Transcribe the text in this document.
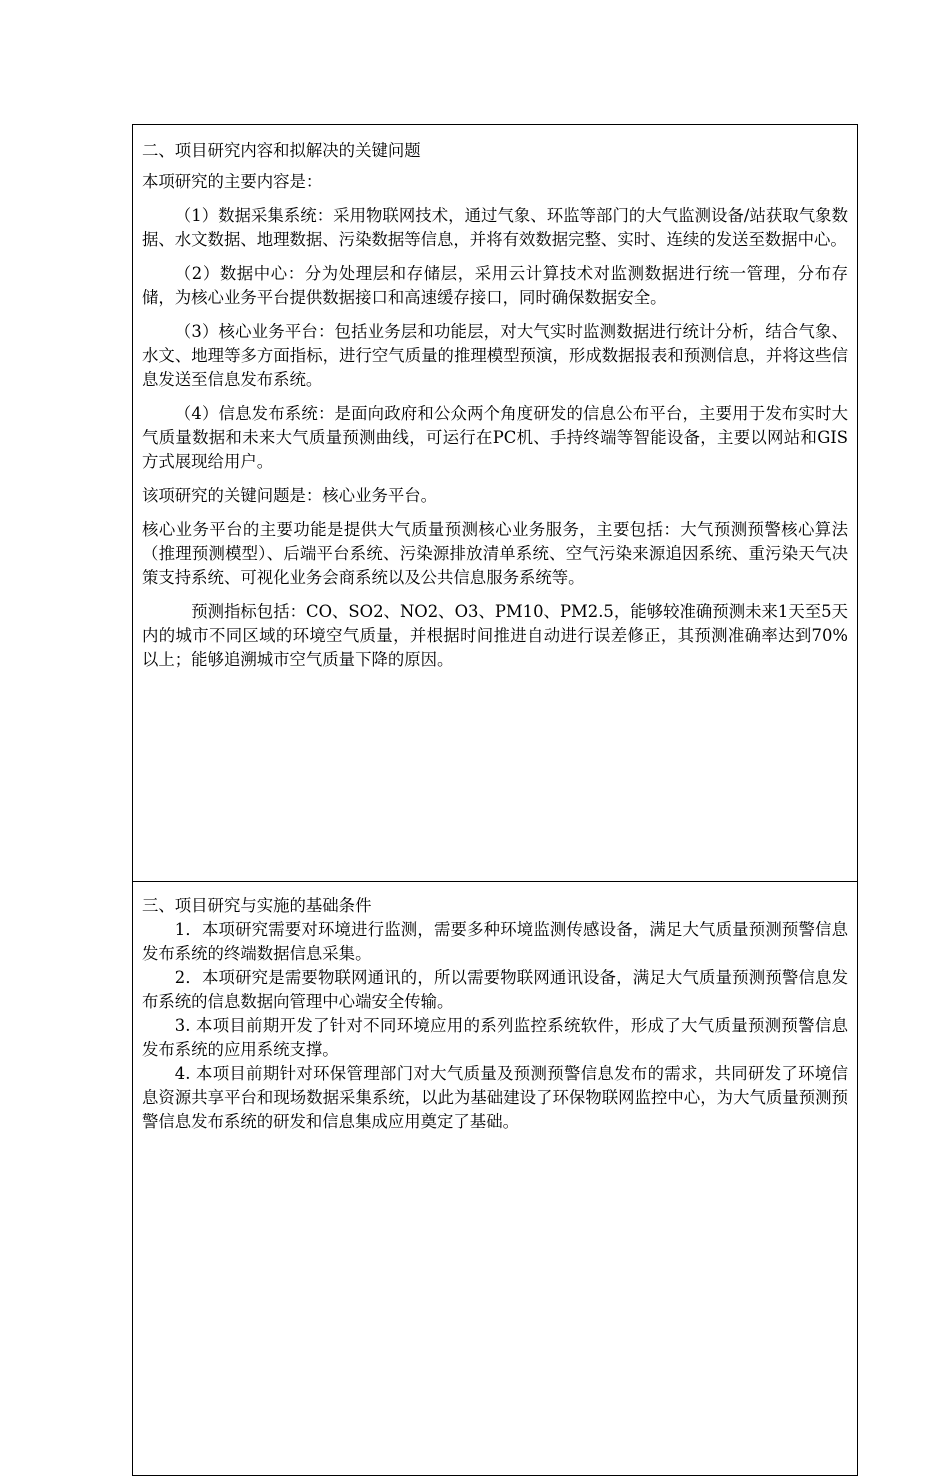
二、项目研究内容和拟解决的关键问题

本项研究的主要内容是：

（1）数据采集系统：采用物联网技术，通过气象、环监等部门的大气监测设备/站获取气象数据、水文数据、地理数据、污染数据等信息，并将有效数据完整、实时、连续的发送至数据中心。

（2）数据中心：分为处理层和存储层，采用云计算技术对监测数据进行统一管理，分布存储，为核心业务平台提供数据接口和高速缓存接口，同时确保数据安全。

（3）核心业务平台：包括业务层和功能层，对大气实时监测数据进行统计分析，结合气象、水文、地理等多方面指标，进行空气质量的推理模型预演，形成数据报表和预测信息，并将这些信息发送至信息发布系统。

（4）信息发布系统：是面向政府和公众两个角度研发的信息公布平台，主要用于发布实时大气质量数据和未来大气质量预测曲线，可运行在PC机、手持终端等智能设备，主要以网站和GIS方式展现给用户。

该项研究的关键问题是：核心业务平台。

核心业务平台的主要功能是提供大气质量预测核心业务服务，主要包括：大气预测预警核心算法（推理预测模型）、后端平台系统、污染源排放清单系统、空气污染来源追因系统、重污染天气决策支持系统、可视化业务会商系统以及公共信息服务系统等。

预测指标包括：CO、SO2、NO2、O3、PM10、PM2.5，能够较准确预测未来1天至5天内的城市不同区域的环境空气质量，并根据时间推进自动进行误差修正，其预测准确率达到70%以上；能够追溯城市空气质量下降的原因。

三、项目研究与实施的基础条件

1．本项研究需要对环境进行监测，需要多种环境监测传感设备，满足大气质量预测预警信息发布系统的终端数据信息采集。

2．本项研究是需要物联网通讯的，所以需要物联网通讯设备，满足大气质量预测预警信息发布系统的信息数据向管理中心端安全传输。

3. 本项目前期开发了针对不同环境应用的系列监控系统软件，形成了大气质量预测预警信息发布系统的应用系统支撑。

4. 本项目前期针对环保管理部门对大气质量及预测预警信息发布的需求，共同研发了环境信息资源共享平台和现场数据采集系统，以此为基础建设了环保物联网监控中心，为大气质量预测预警信息发布系统的研发和信息集成应用奠定了基础。
